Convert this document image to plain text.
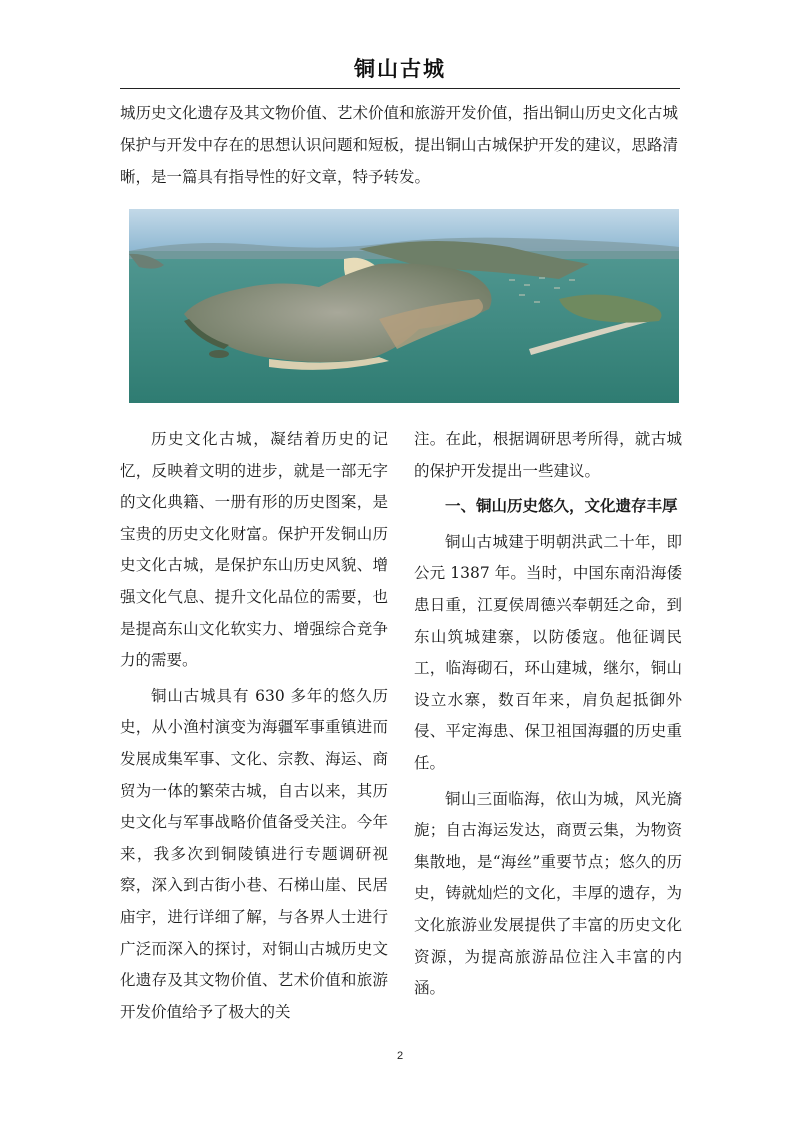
铜山古城

城历史文化遗存及其文物价值、艺术价值和旅游开发价值，指出铜山历史文化古城保护与开发中存在的思想认识问题和短板，提出铜山古城保护开发的建议，思路清晰，是一篇具有指导性的好文章，特予转发。

历史文化古城，凝结着历史的记忆，反映着文明的进步，就是一部无字的文化典籍、一册有形的历史图案，是宝贵的历史文化财富。保护开发铜山历史文化古城，是保护东山历史风貌、增强文化气息、提升文化品位的需要，也是提高东山文化软实力、增强综合竞争力的需要。

铜山古城具有 630 多年的悠久历史，从小渔村演变为海疆军事重镇进而发展成集军事、文化、宗教、海运、商贸为一体的繁荣古城，自古以来，其历史文化与军事战略价值备受关注。今年来，我多次到铜陵镇进行专题调研视察，深入到古街小巷、石梯山崖、民居庙宇，进行详细了解，与各界人士进行广泛而深入的探讨，对铜山古城历史文化遗存及其文物价值、艺术价值和旅游开发价值给予了极大的关

注。在此，根据调研思考所得，就古城的保护开发提出一些建议。

一、铜山历史悠久，文化遗存丰厚

铜山古城建于明朝洪武二十年，即公元 1387 年。当时，中国东南沿海倭患日重，江夏侯周德兴奉朝廷之命，到东山筑城建寨，以防倭寇。他征调民工，临海砌石，环山建城，继尔，铜山设立水寨，数百年来，肩负起抵御外侵、平定海患、保卫祖国海疆的历史重任。

铜山三面临海，依山为城，风光旖旎；自古海运发达，商贾云集，为物资集散地，是“海丝”重要节点；悠久的历史，铸就灿烂的文化，丰厚的遗存，为文化旅游业发展提供了丰富的历史文化资源，为提高旅游品位注入丰富的内涵。

2
